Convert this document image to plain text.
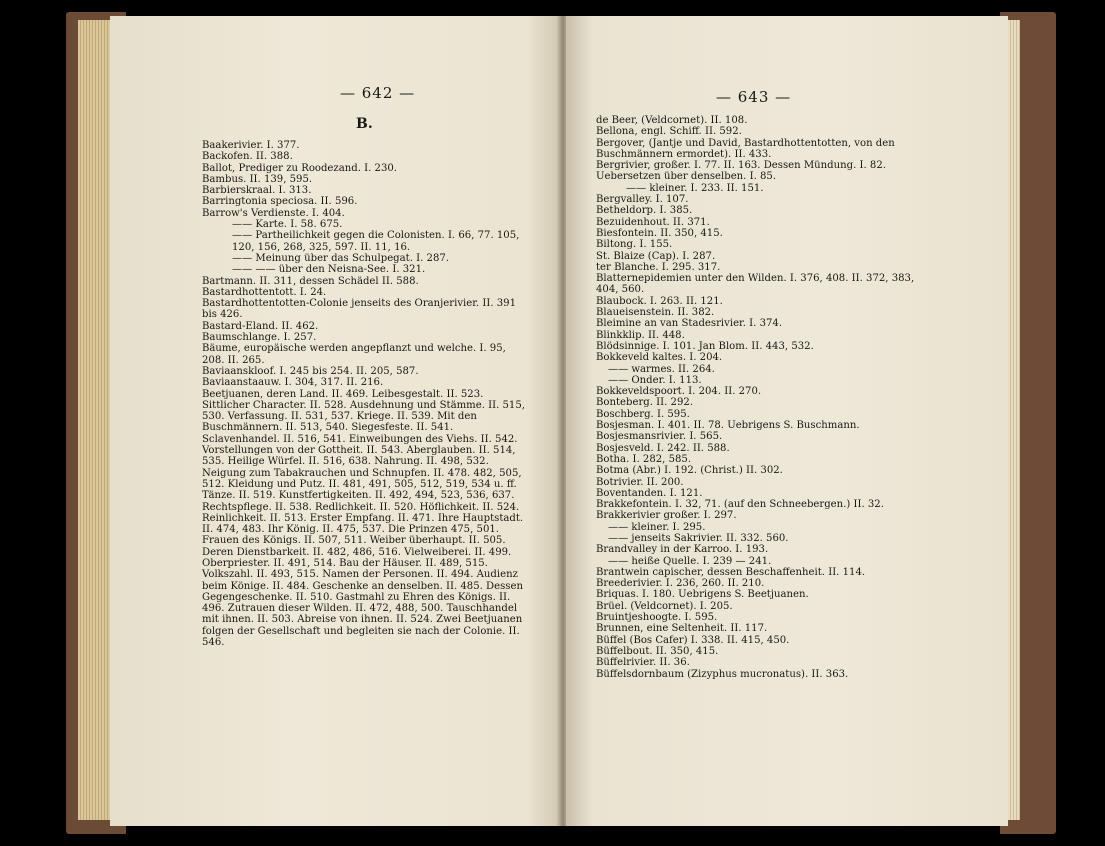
— 642 —
B.
Baakerivier. I. 377.
Backofen. II. 388.
Ballot, Prediger zu Roodezand. I. 230.
Bambus. II. 139, 595.
Barbierskraal. I. 313.
Barringtonia speciosa. II. 596.
Barrow's Verdienste. I. 404.
—— Karte. I. 58. 675.
—— Partheilichkeit gegen die Colonisten. I. 66, 77. 105, 120, 156, 268, 325, 597. II. 11, 16.
—— Meinung über das Schulpegat. I. 287.
—— —— über den Neisna-See. I. 321.
Bartmann. II. 311, dessen Schädel II. 588.
Bastardhottentott. I. 24.
Bastardhottentotten-Colonie jenseits des Oranjerivier. II. 391 bis 426.
Bastard-Eland. II. 462.
Baumschlange. I. 257.
Bäume, europäische werden angepflanzt und welche. I. 95, 208. II. 265.
Baviaanskloof. I. 245 bis 254. II. 205, 587.
Baviaanstaauw. I. 304, 317. II. 216.
Beetjuanen, deren Land. II. 469. Leibesgestalt. II. 523. Sittlicher Character. II. 528. Ausdehnung und Stämme. II. 515, 530. Verfassung. II. 531, 537. Kriege. II. 539. Mit den Buschmännern. II. 513, 540. Siegesfeste. II. 541. Sclavenhandel. II. 516, 541. Einweibungen des Viehs. II. 542. Vorstellungen von der Gottheit. II. 543. Aberglauben. II. 514, 535. Heilige Würfel. II. 516, 638. Nahrung. II. 498, 532. Neigung zum Tabakrauchen und Schnupfen. II. 478. 482, 505, 512. Kleidung und Putz. II. 481, 491, 505, 512, 519, 534 u. ff. Tänze. II. 519. Kunstfertigkeiten. II. 492, 494, 523, 536, 637. Rechtspflege. II. 538. Redlichkeit. II. 520. Höflichkeit. II. 524. Reinlichkeit. II. 513. Erster Empfang. II. 471. Ihre Hauptstadt. II. 474, 483. Ihr König. II. 475, 537. Die Prinzen 475, 501. Frauen des Königs. II. 507, 511. Weiber überhaupt. II. 505. Deren Dienstbarkeit. II. 482, 486, 516. Vielweiberei. II. 499. Oberpriester. II. 491, 514. Bau der Häuser. II. 489, 515. Volkszahl. II. 493, 515. Namen der Personen. II. 494. Audienz beim Könige. II. 484. Geschenke an denselben. II. 485. Dessen Gegengeschenke. II. 510. Gastmahl zu Ehren des Königs. II. 496. Zutrauen dieser Wilden. II. 472, 488, 500. Tauschhandel mit ihnen. II. 503. Abreise von ihnen. II. 524. Zwei Beetjuanen folgen der Gesellschaft und begleiten sie nach der Colonie. II. 546.
— 643 —
de Beer, (Veldcornet). II. 108.
Bellona, engl. Schiff. II. 592.
Bergover, (Jantje und David, Bastardhottentotten, von den Buschmännern ermordet). II. 433.
Bergrivier, großer. I. 77. II. 163. Dessen Mündung. I. 82. Uebersetzen über denselben. I. 85.
—— kleiner. I. 233. II. 151.
Bergvalley. I. 107.
Betheldorp. I. 385.
Bezuidenhout. II. 371.
Biesfontein. II. 350, 415.
Biltong. I. 155.
St. Blaize (Cap). I. 287.
ter Blanche. I. 295. 317.
Blatternepidemien unter den Wilden. I. 376, 408. II. 372, 383, 404, 560.
Blaubock. I. 263. II. 121.
Blaueisenstein. II. 382.
Bleimine an van Stadesrivier. I. 374.
Blinkklip. II. 448.
Blödsinnige. I. 101. Jan Blom. II. 443, 532.
Bokkeveld kaltes. I. 204.
—— warmes. II. 264.
—— Onder. I. 113.
Bokkeveldspoort. I. 204. II. 270.
Bonteberg. II. 292.
Boschberg. I. 595.
Bosjesman. I. 401. II. 78. Uebrigens S. Buschmann.
Bosjesmansrivier. I. 565.
Bosjesveld. I. 242. II. 588.
Botha. I. 282, 585.
Botma (Abr.) I. 192. (Christ.) II. 302.
Botrivier. II. 200.
Boventanden. I. 121.
Brakkefontein. I. 32, 71. (auf den Schneebergen.) II. 32.
Brakkerivier großer. I. 297.
—— kleiner. I. 295.
—— jenseits Sakrivier. II. 332. 560.
Brandvalley in der Karroo. I. 193.
—— heiße Quelle. I. 239 — 241.
Brantwein capischer, dessen Beschaffenheit. II. 114.
Breederivier. I. 236, 260. II. 210.
Briquas. I. 180. Uebrigens S. Beetjuanen.
Brüel. (Veldcornet). I. 205.
Bruintjeshoogte. I. 595.
Brunnen, eine Seltenheit. II. 117.
Büffel (Bos Cafer) I. 338. II. 415, 450.
Büffelbout. II. 350, 415.
Büffelrivier. II. 36.
Büffelsdornbaum (Zizyphus mucronatus). II. 363.
